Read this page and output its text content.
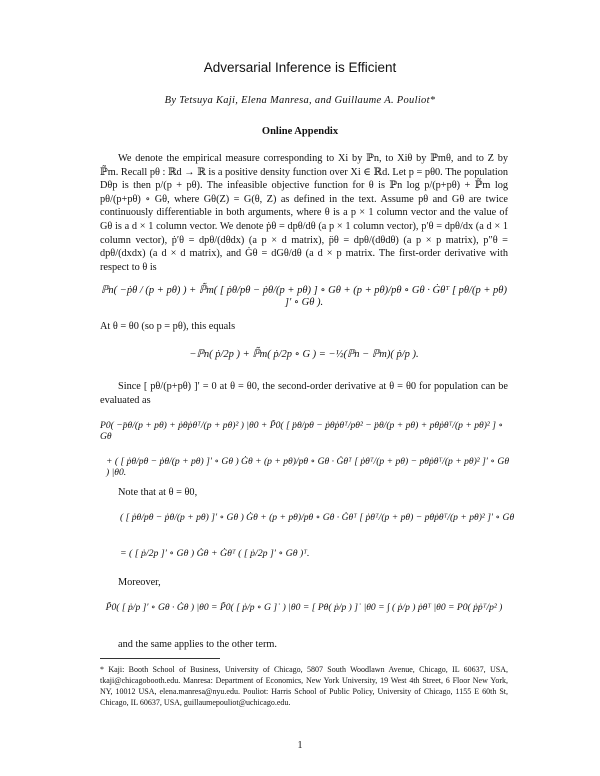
Adversarial Inference is Efficient
By Tetsuya Kaji, Elena Manresa, and Guillaume A. Pouliot*
Online Appendix
We denote the empirical measure corresponding to Xi by ℙn, to Xiθ by ℙmθ, and to Z by ℙ̃m. Recall pθ : ℝd → ℝ is a positive density function over Xi ∈ ℝd. Let p = pθ0. The population Dθp is then p/(p + pθ). The infeasible objective function for θ is ℙn log p/(p+pθ) + ℙ̃m log pθ/(p+pθ) ∘ Gθ, where Gθ(Z) = G(θ, Z) as defined in the text. Assume pθ and Gθ are twice continuously differentiable in both arguments, where θ is a p × 1 column vector and the value of Gθ is a d × 1 column vector. We denote ṗθ = dpθ/dθ (a p × 1 column vector), p′θ = dpθ/dx (a d × 1 column vector), ṗ′θ = dpθ/(dθdx) (a p × d matrix), p̈θ = dpθ/(dθdθ) (a p × p matrix), p″θ = dpθ/(dxdx) (a d × d matrix), and Ġθ = dGθ/dθ (a d × p matrix. The first-order derivative with respect to θ is
ℙn( −ṗθ / (p + pθ) ) + ℙ̃m( [ ṗθ/pθ − ṗθ/(p + pθ) ] ∘ Gθ + (p + pθ)/pθ ∘ Gθ · Ġθᵀ [ pθ/(p + pθ) ]′ ∘ Gθ ).
At θ = θ0 (so p = pθ), this equals
−ℙn( ṗ/2p ) + ℙ̃m( ṗ/2p ∘ G ) = −½(ℙn − ℙm)( ṗ/p ).
Since [ pθ/(p+pθ) ]′ = 0 at θ = θ0, the second-order derivative at θ = θ0 for population can be evaluated as
P0( −p̈θ/(p + pθ) + ṗθṗθᵀ/(p + pθ)² ) |θ0 + P̃0( [ p̈θ/pθ − ṗθṗθᵀ/pθ² − p̈θ/(p + pθ) + pθṗθᵀ/(p + pθ)² ] ∘ Gθ
+ ( [ ṗθ/pθ − ṗθ/(p + pθ) ]′ ∘ Gθ ) Ġθ + (p + pθ)/pθ ∘ Gθ · Ġθᵀ [ ṗθᵀ/(p + pθ) − pθṗθᵀ/(p + pθ)² ]′ ∘ Gθ ) |θ0.
Note that at θ = θ0,
( [ ṗθ/pθ − ṗθ/(p + pθ) ]′ ∘ Gθ ) Ġθ + (p + pθ)/pθ ∘ Gθ · Ġθᵀ [ ṗθᵀ/(p + pθ) − pθṗθᵀ/(p + pθ)² ]′ ∘ Gθ
= ( [ ṗ/2p ]′ ∘ Gθ ) Ġθ + Ġθᵀ ( [ ṗ/2p ]′ ∘ Gθ )ᵀ.
Moreover,
P̃0( [ ṗ/p ]′ ∘ Gθ · Ġθ ) |θ0 = P̃0( [ ṗ/p ∘ G ]˙ ) |θ0 = [ Pθ( ṗ/p ) ]˙ |θ0 = ∫ ( ṗ/p ) ṗθᵀ |θ0 = P0( ṗṗᵀ/p² )
and the same applies to the other term.
* Kaji: Booth School of Business, University of Chicago, 5807 South Woodlawn Avenue, Chicago, IL 60637, USA, tkaji@chicagobooth.edu. Manresa: Department of Economics, New York University, 19 West 4th Street, 6 Floor New York, NY, 10012 USA, elena.manresa@nyu.edu. Pouliot: Harris School of Public Policy, University of Chicago, 1155 E 60th St, Chicago, IL 60637, USA, guillaumepouliot@uchicago.edu.
1
